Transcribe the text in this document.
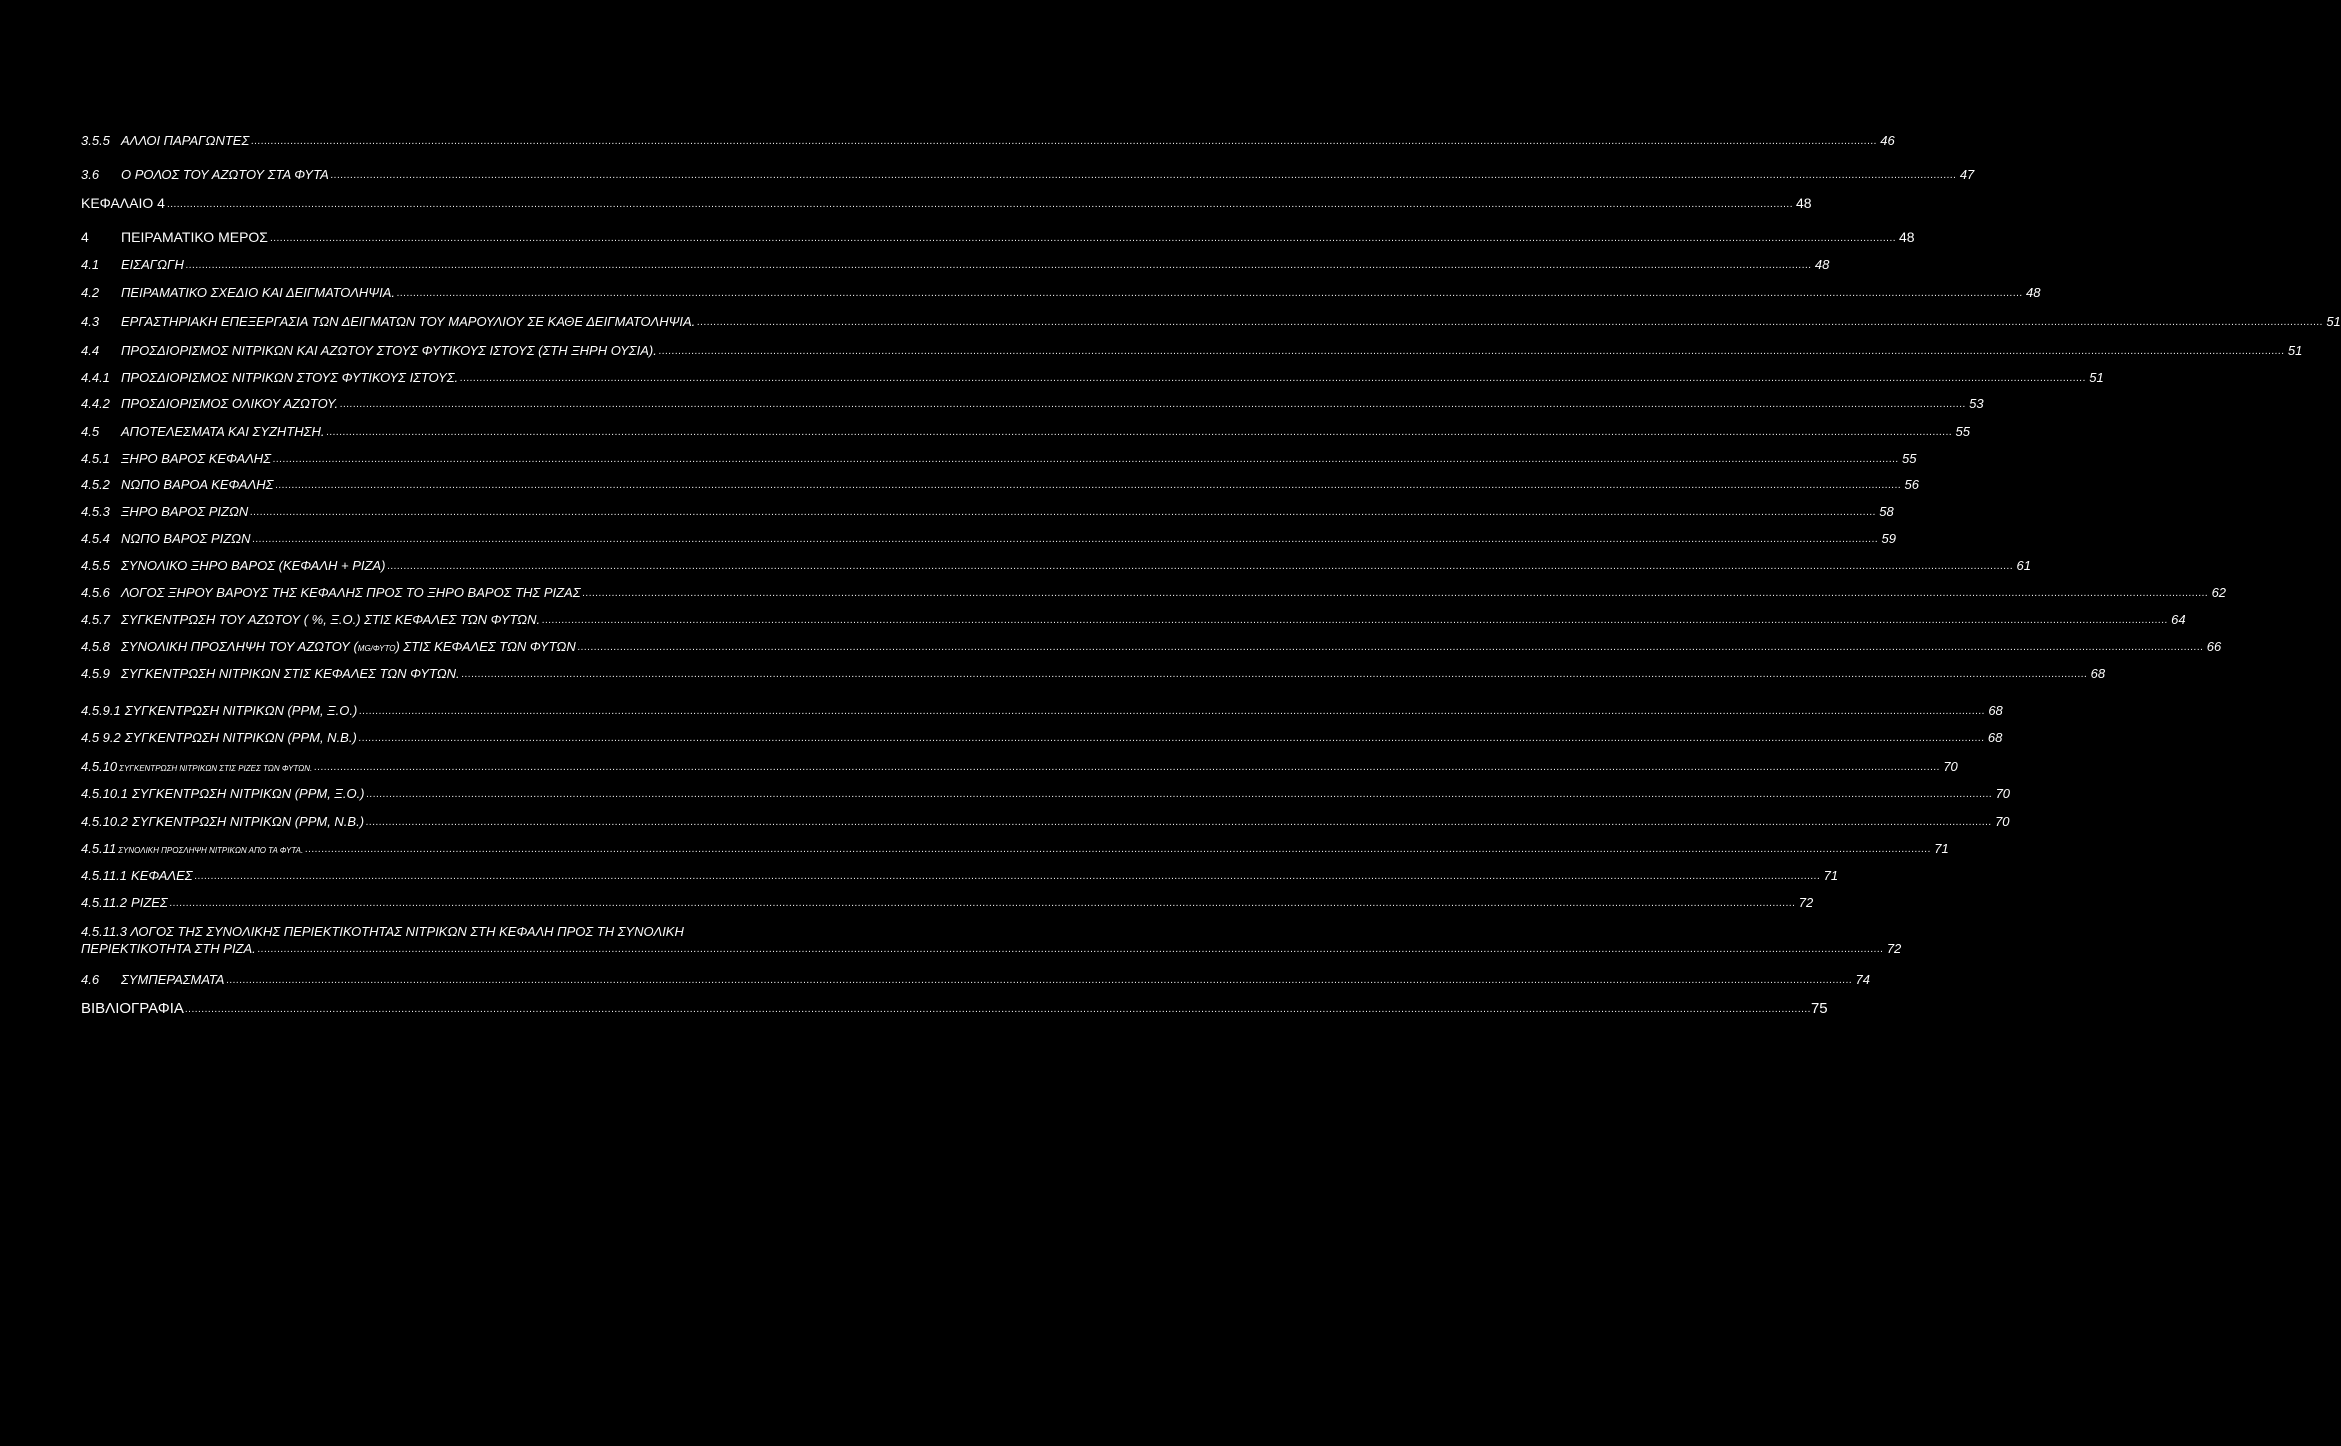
3.5.5 ΑΛΛΟΙ ΠΑΡΑΓΩΝΤΕΣ .....	46
3.6	Ο ΡΟΛΟΣ ΤΟΥ ΑΖΩΤΟΥ ΣΤΑ ΦΥΤΑ .....	47
ΚΕΦΑΛΑΙΟ 4 .....	48
4	ΠΕΙΡΑΜΑΤΙΚΟ ΜΕΡΟΣ .....	48
4.1	ΕΙΣΑΓΩΓΗ .....	48
4.2	ΠΕΙΡΑΜΑΤΙΚΟ ΣΧΕΔΙΟ ΚΑΙ ΔΕΙΓΜΑΤΟΛΗΨΙΑ. .....	48
4.3	ΕΡΓΑΣΤΗΡΙΑΚΗ ΕΠΕΞΕΡΓΑΣΙΑ ΤΩΝ ΔΕΙΓΜΑΤΩΝ ΤΟΥ ΜΑΡΟΥΛΙΟΥ ΣΕ ΚΑΘΕ ΔΕΙΓΜΑΤΟΛΗΨΙΑ. .....	51
4.4	ΠΡΟΣΔΙΟΡΙΣΜΟΣ ΝΙΤΡΙΚΩΝ ΚΑΙ ΑΖΩΤΟΥ ΣΤΟΥΣ ΦΥΤΙΚΟΥΣ ΙΣΤΟΥΣ (ΣΤΗ ΞΗΡΗ ΟΥΣΙΑ). .....	51
4.4.1 ΠΡΟΣΔΙΟΡΙΣΜΟΣ ΝΙΤΡΙΚΩΝ ΣΤΟΥΣ ΦΥΤΙΚΟΥΣ ΙΣΤΟΥΣ. .....	51
4.4.2 ΠΡΟΣΔΙΟΡΙΣΜΟΣ ΟΛΙΚΟΥ ΑΖΩΤΟΥ. .....	53
4.5	ΑΠΟΤΕΛΕΣΜΑΤΑ ΚΑΙ ΣΥΖΗΤΗΣΗ. .....	55
4.5.1 ΞΗΡΟ ΒΑΡΟΣ ΚΕΦΑΛΗΣ .....	55
4.5.2 ΝΩΠΟ ΒΑΡΟΑ ΚΕΦΑΛΗΣ .....	56
4.5.3 ΞΗΡΟ ΒΑΡΟΣ ΡΙΖΩΝ .....	58
4.5.4 ΝΩΠΟ ΒΑΡΟΣ ΡΙΖΩΝ .....	59
4.5.5 ΣΥΝΟΛΙΚΟ ΞΗΡΟ ΒΑΡΟΣ (ΚΕΦΑΛΗ + ΡΙΖΑ) .....	61
4.5.6 ΛΟΓΟΣ ΞΗΡΟΥ ΒΑΡΟΥΣ ΤΗΣ ΚΕΦΑΛΗΣ ΠΡΟΣ ΤΟ ΞΗΡΟ ΒΑΡΟΣ ΤΗΣ ΡΙΖΑΣ .....	62
4.5.7 ΣΥΓΚΕΝΤΡΩΣΗ ΤΟΥ ΑΖΩΤΟΥ ( %, Ξ.Ο.) ΣΤΙΣ ΚΕΦΑΛΕΣ ΤΩΝ ΦΥΤΩΝ. .....	64
4.5.8 ΣΥΝΟΛΙΚΗ ΠΡΟΣΛΗΨΗ ΤΟΥ ΑΖΩΤΟΥ (MG/ΦΥΤΟ) ΣΤΙΣ ΚΕΦΑΛΕΣ ΤΩΝ ΦΥΤΩΝ .....	66
4.5.9 ΣΥΓΚΕΝΤΡΩΣΗ ΝΙΤΡΙΚΩΝ ΣΤΙΣ ΚΕΦΑΛΕΣ ΤΩΝ ΦΥΤΩΝ. .....	68
4.5.9.1 ΣΥΓΚΕΝΤΡΩΣΗ ΝΙΤΡΙΚΩΝ (PPM, Ξ.Ο.) .....	68
4.5 9.2 ΣΥΓΚΕΝΤΡΩΣΗ ΝΙΤΡΙΚΩΝ (PPM, Ν.Β.) .....	68
4.5.10 ΣΥΓΚΕΝΤΡΩΣΗ ΝΙΤΡΙΚΩΝ ΣΤΙΣ ΡΙΖΕΣ ΤΩΝ ΦΥΤΩΝ. .....	70
4.5.10.1 ΣΥΓΚΕΝΤΡΩΣΗ ΝΙΤΡΙΚΩΝ (PPM, Ξ.Ο.) .....	70
4.5.10.2 ΣΥΓΚΕΝΤΡΩΣΗ ΝΙΤΡΙΚΩΝ (PPM, Ν.Β.) .....	70
4.5.11 ΣΥΝΟΛΙΚΗ ΠΡΟΣΛΗΨΗ ΝΙΤΡΙΚΩΝ ΑΠΟ ΤΑ ΦΥΤΑ. .....	71
4.5.11.1 ΚΕΦΑΛΕΣ .....	71
4.5.11.2 ΡΙΖΕΣ .....	72
4.5.11.3 ΛΟΓΟΣ ΤΗΣ ΣΥΝΟΛΙΚΗΣ ΠΕΡΙΕΚΤΙΚΟΤΗΤΑΣ ΝΙΤΡΙΚΩΝ ΣΤΗ ΚΕΦΑΛΗ ΠΡΟΣ ΤΗ ΣΥΝΟΛΙΚΗ
ΠΕΡΙΕΚΤΙΚΟΤΗΤΑ ΣΤΗ ΡΙΖΑ. .....	72
4.6	ΣΥΜΠΕΡΑΣΜΑΤΑ .....	74
ΒΙΒΛΙΟΓΡΑΦΙΑ .....	75
